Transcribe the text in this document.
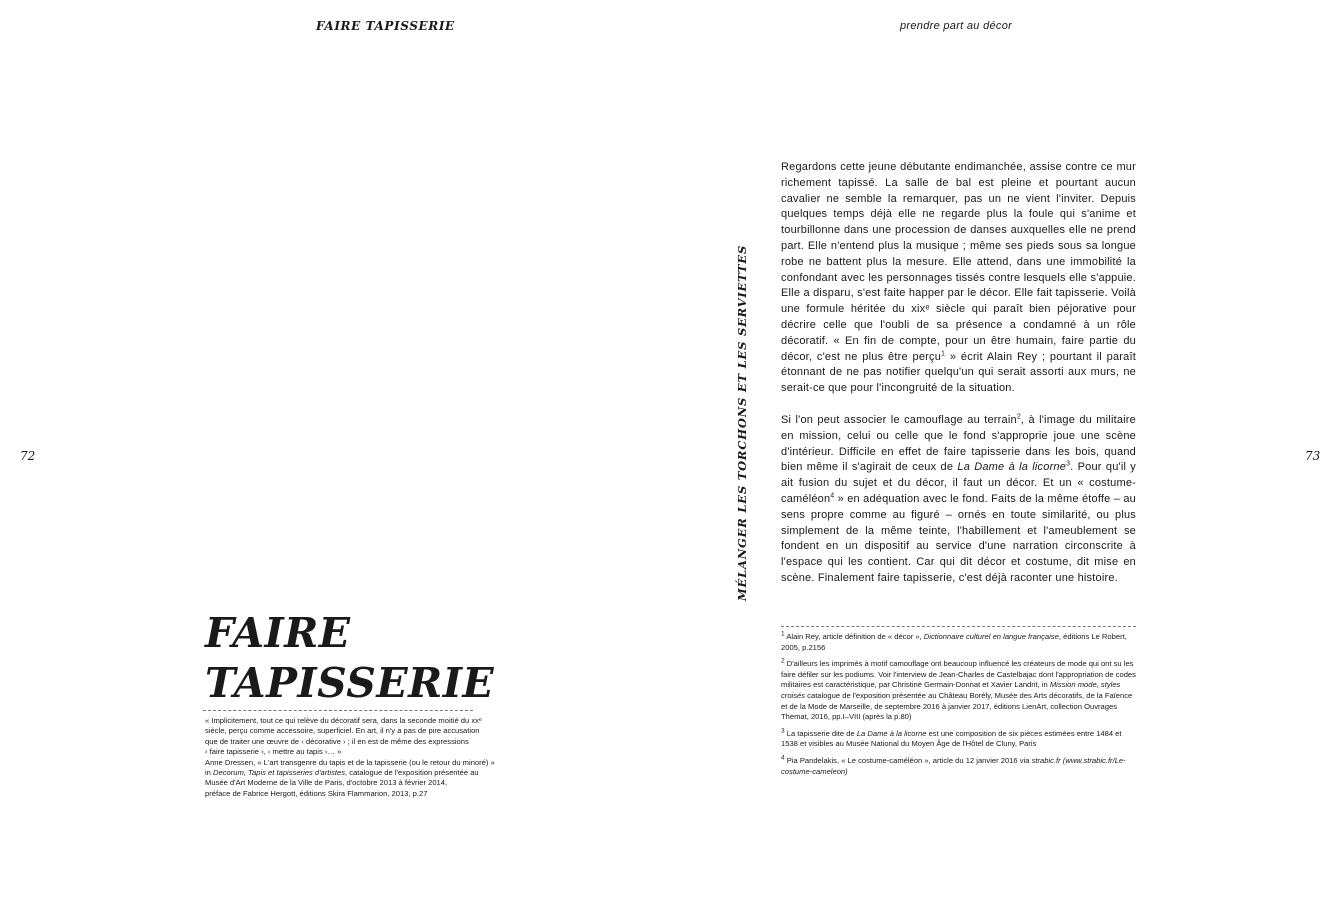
FAIRE TAPISSERIE	prendre part au décor
72	73
MÉLANGER LES TORCHONS ET LES SERVIETTES
FAIRE
TAPISSERIE
« Implicitement, tout ce qui relève du décoratif sera, dans la seconde moitié du xxᵉ
siècle, perçu comme accessoire, superficiel. En art, il n'y a pas de pire accusation
que de traiter une œuvre de ‹ décorative › ; il en est de même des expressions
‹ faire tapisserie ›, ‹ mettre au tapis ›… »
Anne Dressen, « L'art transgenre du tapis et de la tapisserie (ou le retour du minoré) »
in Decorum, Tapis et tapisseries d'artistes, catalogue de l'exposition présentée au
Musée d'Art Moderne de la Ville de Paris, d'octobre 2013 à février 2014,
préface de Fabrice Hergott, éditions Skira Flammarion, 2013, p.27

Regardons cette jeune débutante endimanchée, assise contre ce mur richement tapissé. La salle de bal est pleine et pourtant aucun cavalier ne semble la remarquer, pas un ne vient l'inviter. Depuis quelques temps déjà elle ne regarde plus la foule qui s'anime et tourbillonne dans une procession de danses auxquelles elle ne prend part. Elle n'entend plus la musique ; même ses pieds sous sa longue robe ne battent plus la mesure. Elle attend, dans une immobilité la confondant avec les personnages tissés contre lesquels elle s'appuie. Elle a disparu, s'est faite happer par le décor. Elle fait tapisserie. Voilà une formule héritée du xixᵉ siècle qui paraît bien péjorative pour décrire celle que l'oubli de sa présence a condamné à un rôle décoratif. « En fin de compte, pour un être humain, faire partie du décor, c'est ne plus être perçu$^1$ » écrit Alain Rey ; pourtant il paraît étonnant de ne pas notifier quelqu'un qui serait assorti aux murs, ne serait-ce que pour l'incongruité de la situation.

Si l'on peut associer le camouflage au terrain$^2$, à l'image du militaire en mission, celui ou celle que le fond s'approprie joue une scène d'intérieur. Difficile en effet de faire tapisserie dans les bois, quand bien même il s'agirait de ceux de La Dame à la licorne$^3$. Pour qu'il y ait fusion du sujet et du décor, il faut un décor. Et un « costume-caméléon$^4$ » en adéquation avec le fond. Faits de la même étoffe – au sens propre comme au figuré – ornés en toute similarité, ou plus simplement de la même teinte, l'habillement et l'ameublement se fondent en un dispositif au service d'une narration circonscrite à l'espace qui les contient. Car qui dit décor et costume, dit mise en scène. Finalement faire tapisserie, c'est déjà raconter une histoire.

$^1$ Alain Rey, article définition de « décor », Dictionnaire culturel en langue française, éditions Le Robert, 2005, p.2156
$^2$ D'ailleurs les imprimés à motif camouflage ont beaucoup influencé les créateurs de mode qui ont su les faire défiler sur les podiums. Voir l'interview de Jean-Charles de Castelbajac dont l'appropriation de codes militaires est caractéristique, par Christine Germain-Donnat et Xavier Landrit, in Mission mode, styles croisés catalogue de l'exposition présentée au Château Borély, Musée des Arts décoratifs, de la Faïence et de la Mode de Marseille, de septembre 2016 à janvier 2017, éditions LienArt, collection Ouvrages Themat, 2016, pp.I–VIII (après la p.80)
$^3$ La tapisserie dite de La Dame à la licorne est une composition de six pièces estimées entre 1484 et 1538 et visibles au Musée National du Moyen Âge de l'Hôtel de Cluny, Paris
$^4$ Pia Pandelakis, « Le costume-caméléon », article du 12 janvier 2016 via strabic.fr (www.strabic.fr/Le-costume-cameleon)
